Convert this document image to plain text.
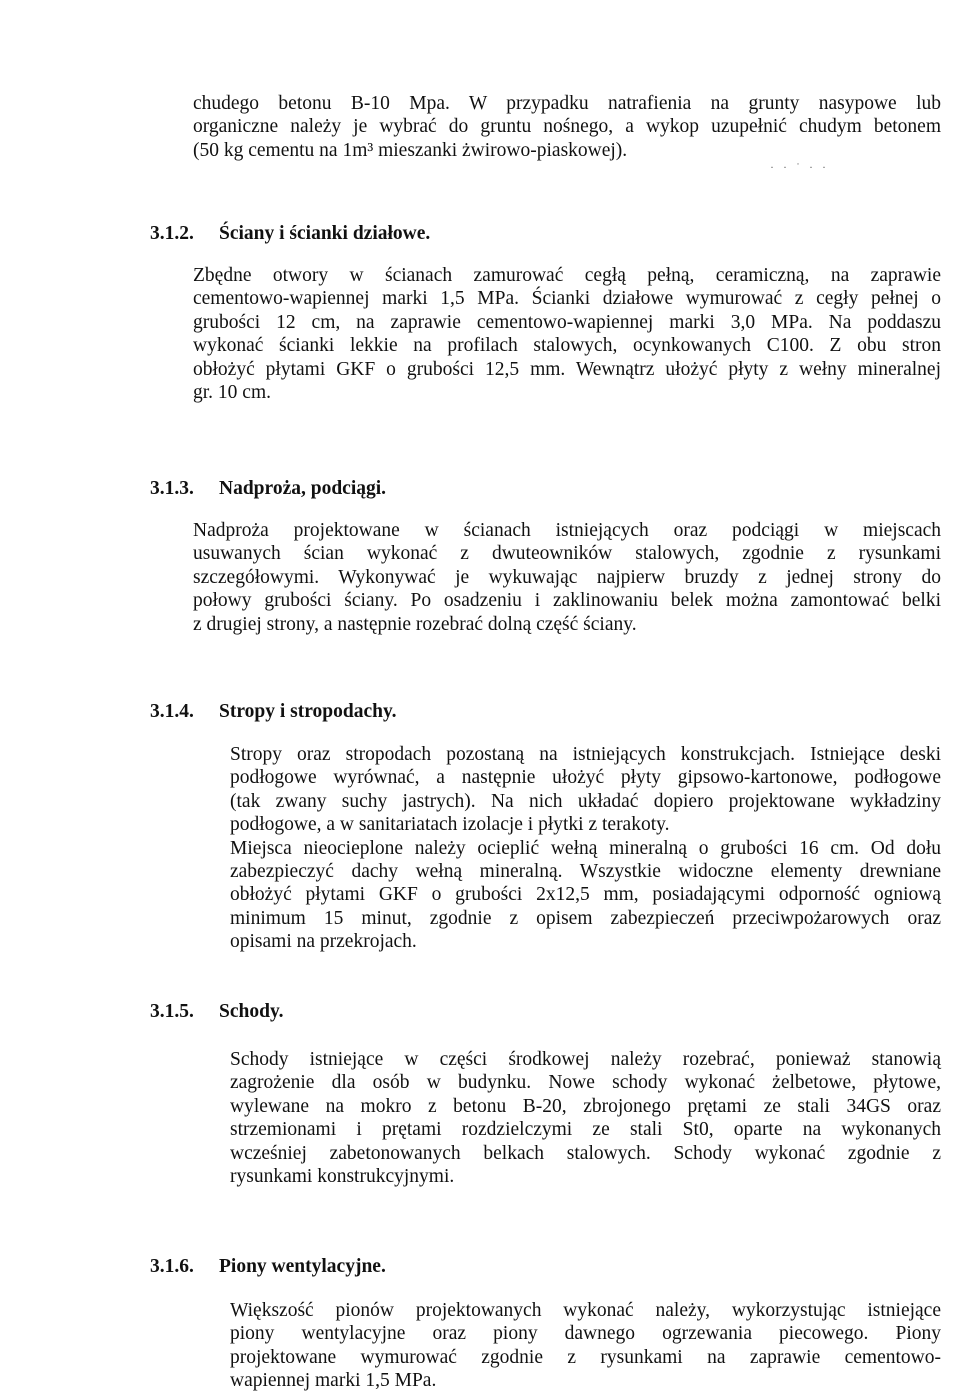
chudego betonu B-10 Mpa. W przypadku natrafienia na grunty nasypowe lub
organiczne należy je wybrać do gruntu nośnego, a wykop uzupełnić chudym betonem
(50 kg cementu na 1m³ mieszanki żwirowo-piaskowej).
· · ˙ · ·
3.1.2. Ściany i ścianki działowe.
Zbędne otwory w ścianach zamurować cegłą pełną, ceramiczną, na zaprawie
cementowo-wapiennej marki 1,5 MPa. Ścianki działowe wymurować z cegły pełnej o
grubości 12 cm, na zaprawie cementowo-wapiennej marki 3,0 MPa. Na poddaszu
wykonać ścianki lekkie na profilach stalowych, ocynkowanych C100. Z obu stron
obłożyć płytami GKF o grubości 12,5 mm. Wewnątrz ułożyć płyty z wełny mineralnej
gr. 10 cm.
3.1.3. Nadproża, podciągi.
Nadproża projektowane w ścianach istniejących oraz podciągi w miejscach
usuwanych ścian wykonać z dwuteowników stalowych, zgodnie z rysunkami
szczegółowymi. Wykonywać je wykuwając najpierw bruzdy z jednej strony do
połowy grubości ściany. Po osadzeniu i zaklinowaniu belek można zamontować belki
z drugiej strony, a następnie rozebrać dolną część ściany.
3.1.4. Stropy i stropodachy.
Stropy oraz stropodach pozostaną na istniejących konstrukcjach. Istniejące deski
podłogowe wyrównać, a następnie ułożyć płyty gipsowo-kartonowe, podłogowe
(tak zwany suchy jastrych). Na nich układać dopiero projektowane wykładziny
podłogowe, a w sanitariatach izolacje i płytki z terakoty.
Miejsca nieocieplone należy ocieplić wełną mineralną o grubości 16 cm. Od dołu
zabezpieczyć dachy wełną mineralną. Wszystkie widoczne elementy drewniane
obłożyć płytami GKF o grubości 2x12,5 mm, posiadającymi odporność ogniową
minimum 15 minut, zgodnie z opisem zabezpieczeń przeciwpożarowych oraz
opisami na przekrojach.
3.1.5. Schody.
Schody istniejące w części środkowej należy rozebrać, ponieważ stanowią
zagrożenie dla osób w budynku. Nowe schody wykonać żelbetowe, płytowe,
wylewane na mokro z betonu B-20, zbrojonego prętami ze stali 34GS oraz
strzemionami i prętami rozdzielczymi ze stali St0, oparte na wykonanych
wcześniej zabetonowanych belkach stalowych. Schody wykonać zgodnie z
rysunkami konstrukcyjnymi.
3.1.6. Piony wentylacyjne.
Większość pionów projektowanych wykonać należy, wykorzystując istniejące
piony wentylacyjne oraz piony dawnego ogrzewania piecowego. Piony
projektowane wymurować zgodnie z rysunkami na zaprawie cementowo-
wapiennej marki 1,5 MPa.
